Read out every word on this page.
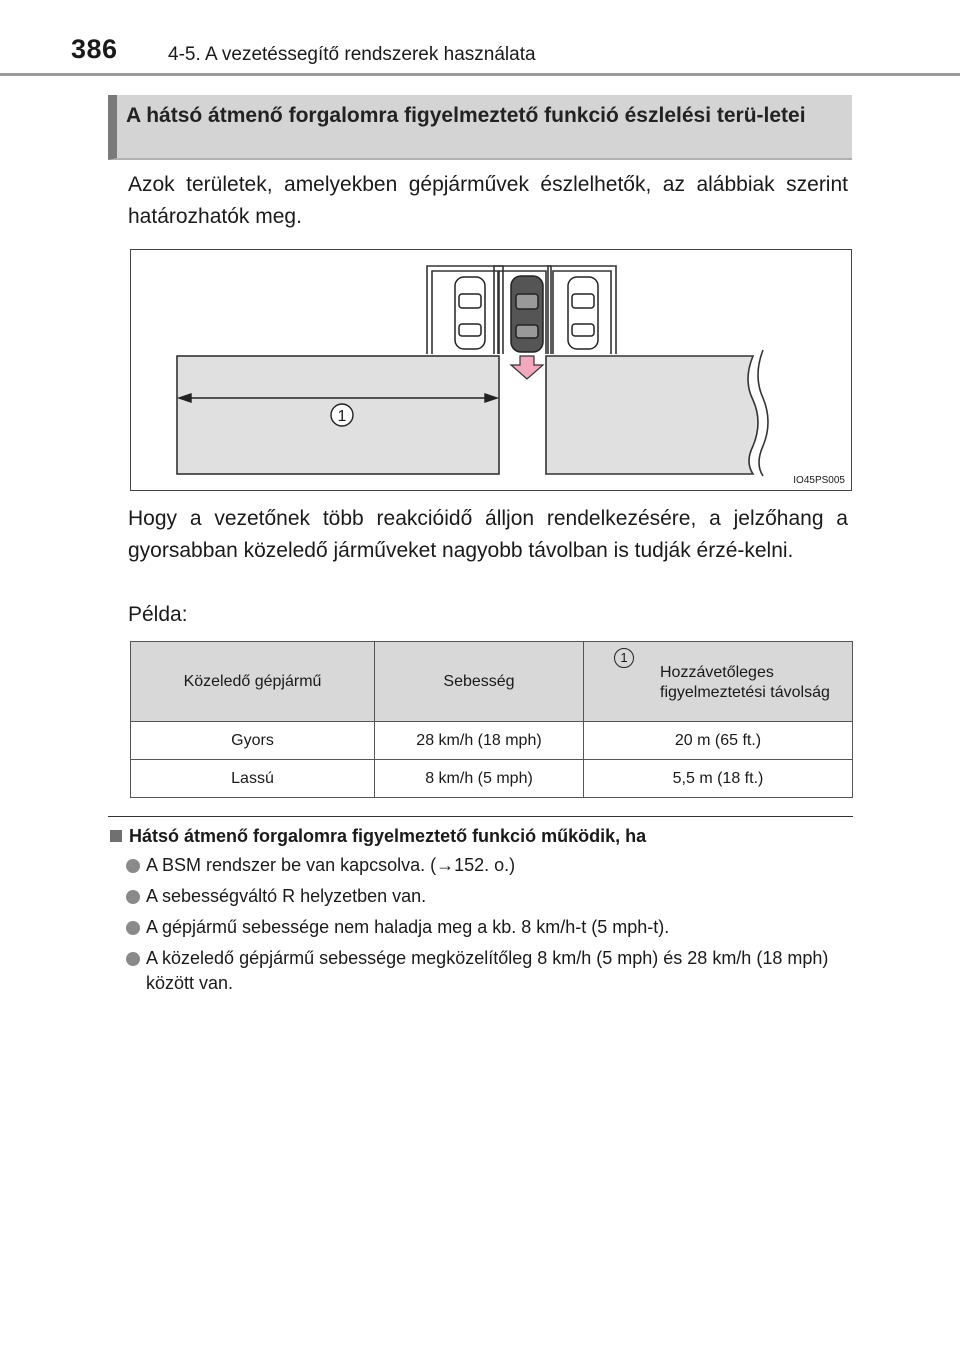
386	4-5. A vezetéssegítő rendszerek használata
A hátsó átmenő forgalomra figyelmeztető funkció észlelési terü-letei
Azok területek, amelyekben gépjárművek észlelhetők, az alábbiak szerint határozhatók meg.
1
IO45PS005
Hogy a vezetőnek több reakcióidő álljon rendelkezésére, a jelzőhang a gyorsabban közeledő járműveket nagyobb távolban is tudják érzé-kelni.
Példa:
Közeledő gépjármű	Sebesség	1
Hozzávetőleges figyelmeztetési távolság

Gyors	28 km/h (18 mph)	20 m (65 ft.)
Lassú	8 km/h (5 mph)	5,5 m (18 ft.)
Hátsó átmenő forgalomra figyelmeztető funkció működik, ha
A BSM rendszer be van kapcsolva. (→152. o.)
A sebességváltó R helyzetben van.
A gépjármű sebessége nem haladja meg a kb. 8 km/h-t (5 mph-t).
A közeledő gépjármű sebessége megközelítőleg 8 km/h (5 mph) és 28 km/h (18 mph) között van.
